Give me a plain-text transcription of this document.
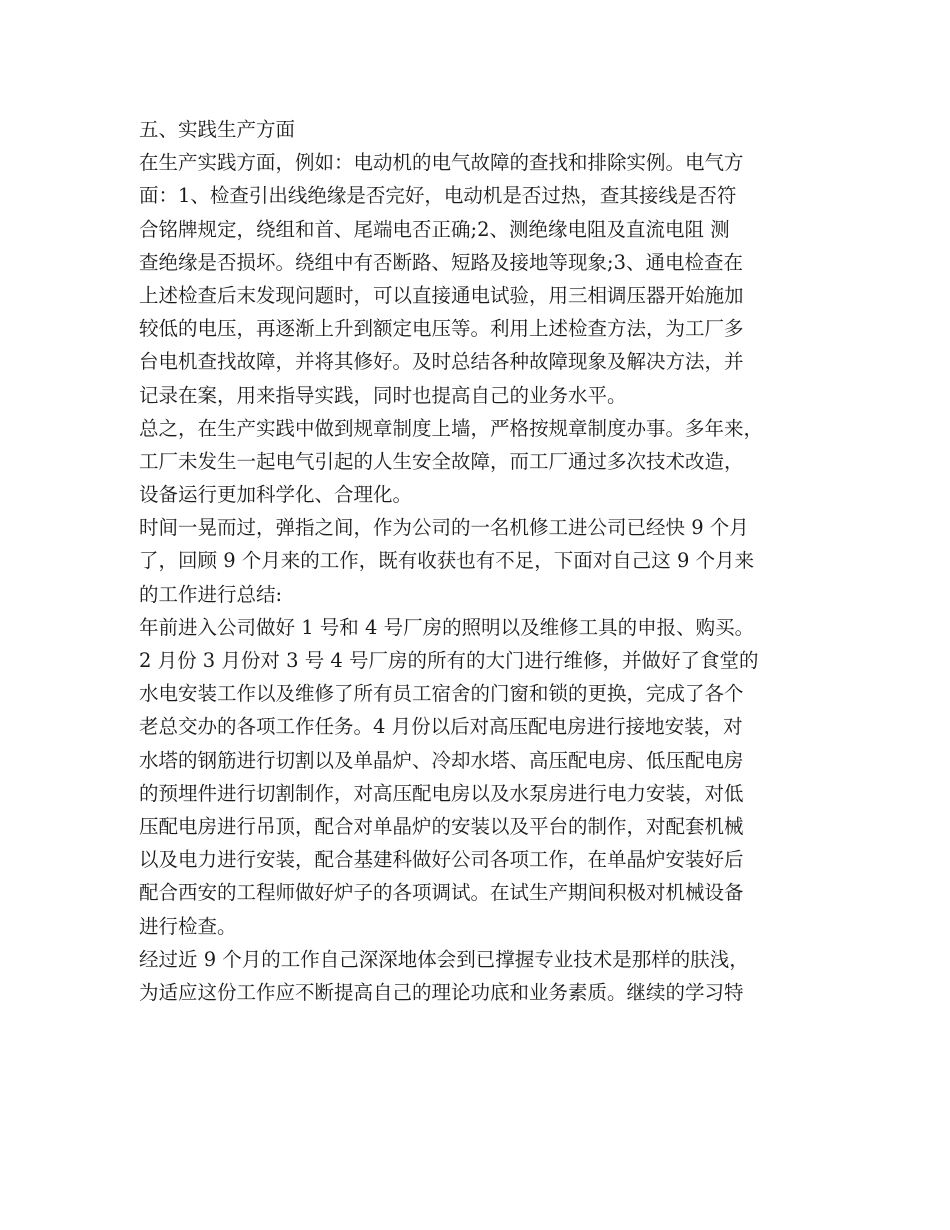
五、实践生产方面
在生产实践方面，例如：电动机的电气故障的查找和排除实例。电气方
面：1、检查引出线绝缘是否完好，电动机是否过热，查其接线是否符
合铭牌规定，绕组和首、尾端电否正确;2、测绝缘电阻及直流电阻 测
查绝缘是否损坏。绕组中有否断路、短路及接地等现象;3、通电检查在
上述检查后末发现问题时，可以直接通电试验，用三相调压器开始施加
较低的电压，再逐渐上升到额定电压等。利用上述检查方法，为工厂多
台电机查找故障，并将其修好。及时总结各种故障现象及解决方法，并
记录在案，用来指导实践，同时也提高自己的业务水平。
总之，在生产实践中做到规章制度上墙，严格按规章制度办事。多年来，
工厂未发生一起电气引起的人生安全故障，而工厂通过多次技术改造，
设备运行更加科学化、合理化。
时间一晃而过，弹指之间，作为公司的一名机修工进公司已经快 9 个月
了，回顾 9 个月来的工作，既有收获也有不足，下面对自己这 9 个月来
的工作进行总结:
年前进入公司做好 1 号和 4 号厂房的照明以及维修工具的申报、购买。
2 月份 3 月份对 3 号 4 号厂房的所有的大门进行维修，并做好了食堂的
水电安装工作以及维修了所有员工宿舍的门窗和锁的更换，完成了各个
老总交办的各项工作任务。4 月份以后对高压配电房进行接地安装，对
水塔的钢筋进行切割以及单晶炉、冷却水塔、高压配电房、低压配电房
的预埋件进行切割制作，对高压配电房以及水泵房进行电力安装，对低
压配电房进行吊顶，配合对单晶炉的安装以及平台的制作，对配套机械
以及电力进行安装，配合基建科做好公司各项工作，在单晶炉安装好后
配合西安的工程师做好炉子的各项调试。在试生产期间积极对机械设备
进行检查。
经过近 9 个月的工作自己深深地体会到已撑握专业技术是那样的肤浅，
为适应这份工作应不断提高自己的理论功底和业务素质。继续的学习特
